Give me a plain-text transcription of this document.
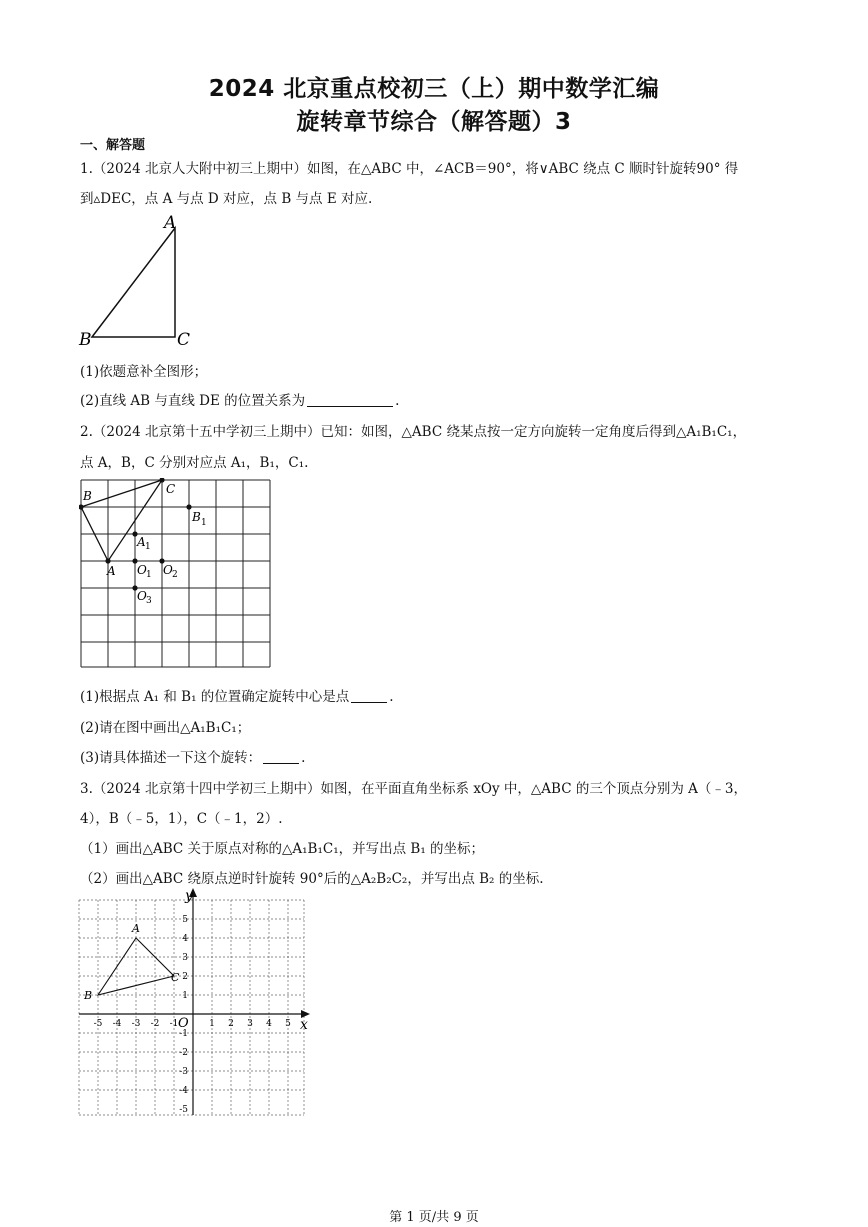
2024 北京重点校初三（上）期中数学汇编
旋转章节综合（解答题）3
一、解答题
1.（2024 北京人大附中初三上期中）如图，在△ABC 中，∠ACB＝90°，将∨ABC 绕点 C 顺时针旋转90° 得
到▵DEC，点 A 与点 D 对应，点 B 与点 E 对应.
A
B	C
(1)依题意补全图形；
(2)直线 AB 与直线 DE 的位置关系为	.
2.（2024 北京第十五中学初三上期中）已知：如图，△ABC 绕某点按一定方向旋转一定角度后得到△A₁B₁C₁，
点 A，B，C 分别对应点 A₁，B₁，C₁.
B	C
A
B 1
A 1
O 1 O 2
O 3
(1)根据点 A₁ 和 B₁ 的位置确定旋转中心是点	.
(2)请在图中画出△A₁B₁C₁；
(3)请具体描述一下这个旋转：	.
3.（2024 北京第十四中学初三上期中）如图，在平面直角坐标系 xOy 中，△ABC 的三个顶点分别为 A（﹣3，
4），B（﹣5，1），C（﹣1，2）.
（1）画出△ABC 关于原点对称的△A₁B₁C₁，并写出点 B₁ 的坐标；
（2）画出△ABC 绕原点逆时针旋转 90°后的△A₂B₂C₂，并写出点 B₂ 的坐标.
y
x
O
A
B
C
-5 -4 -3 -2 -1	1 2 3 4 5
5
4
3
2
1
-1
-2
-3
-4
-5
第 1 页/共 9 页
